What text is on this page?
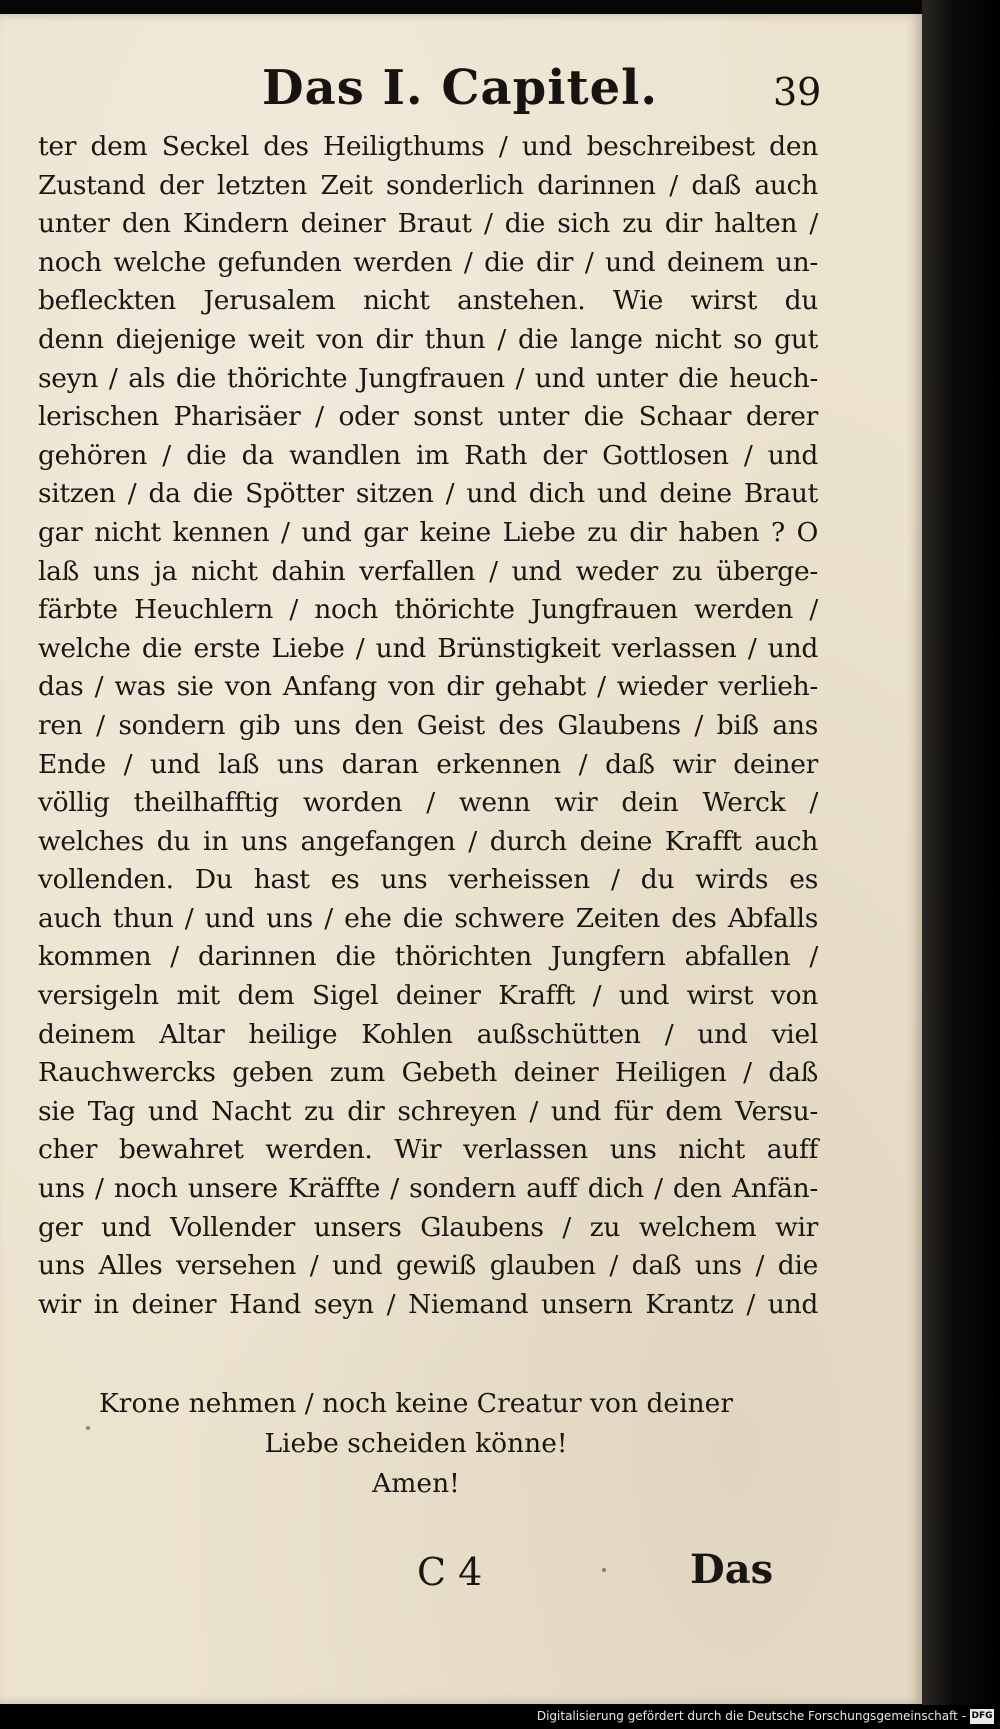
Das I. Capitel.	39
ter dem Seckel des Heiligthums / und beschreibest den
Zustand der letzten Zeit sonderlich darinnen / daß auch
unter den Kindern deiner Braut / die sich zu dir halten /
noch welche gefunden werden / die dir / und deinem un-
befleckten Jerusalem nicht anstehen. Wie wirst du
denn diejenige weit von dir thun / die lange nicht so gut
seyn / als die thörichte Jungfrauen / und unter die heuch-
lerischen Pharisäer / oder sonst unter die Schaar derer
gehören / die da wandlen im Rath der Gottlosen / und
sitzen / da die Spötter sitzen / und dich und deine Braut
gar nicht kennen / und gar keine Liebe zu dir haben ? O
laß uns ja nicht dahin verfallen / und weder zu überge-
färbte Heuchlern / noch thörichte Jungfrauen werden /
welche die erste Liebe / und Brünstigkeit verlassen / und
das / was sie von Anfang von dir gehabt / wieder verlieh-
ren / sondern gib uns den Geist des Glaubens / biß ans
Ende / und laß uns daran erkennen / daß wir deiner
völlig theilhafftig worden / wenn wir dein Werck /
welches du in uns angefangen / durch deine Krafft auch
vollenden. Du hast es uns verheissen / du wirds es
auch thun / und uns / ehe die schwere Zeiten des Abfalls
kommen / darinnen die thörichten Jungfern abfallen /
versigeln mit dem Sigel deiner Krafft / und wirst von
deinem Altar heilige Kohlen außschütten / und viel
Rauchwercks geben zum Gebeth deiner Heiligen / daß
sie Tag und Nacht zu dir schreyen / und für dem Versu-
cher bewahret werden. Wir verlassen uns nicht auff
uns / noch unsere Kräffte / sondern auff dich / den Anfän-
ger und Vollender unsers Glaubens / zu welchem wir
uns Alles versehen / und gewiß glauben / daß uns / die
wir in deiner Hand seyn / Niemand unsern Krantz / und
Krone nehmen / noch keine Creatur von deiner
Liebe scheiden könne!
Amen!
C 4	Das
Digitalisierung gefördert durch die Deutsche Forschungsgemeinschaft - DFG
